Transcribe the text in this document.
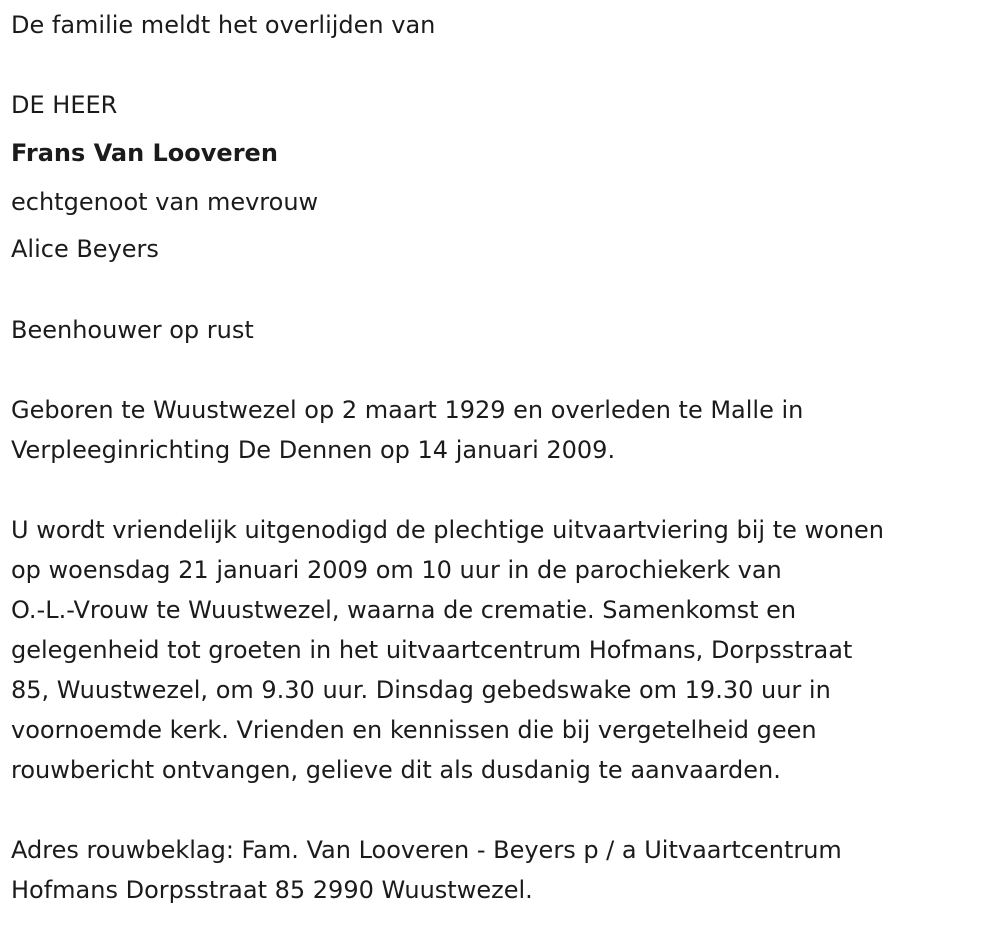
De familie meldt het overlijden van
DE HEER
Frans Van Looveren
echtgenoot van mevrouw
Alice Beyers
Beenhouwer op rust
Geboren te Wuustwezel op 2 maart 1929 en overleden te Malle in
Verpleeginrichting De Dennen op 14 januari 2009.
U wordt vriendelijk uitgenodigd de plechtige uitvaartviering bij te wonen
op woensdag 21 januari 2009 om 10 uur in de parochiekerk van
O.-L.-Vrouw te Wuustwezel, waarna de crematie. Samenkomst en
gelegenheid tot groeten in het uitvaartcentrum Hofmans, Dorpsstraat
85, Wuustwezel, om 9.30 uur. Dinsdag gebedswake om 19.30 uur in
voornoemde kerk. Vrienden en kennissen die bij vergetelheid geen
rouwbericht ontvangen, gelieve dit als dusdanig te aanvaarden.
Adres rouwbeklag: Fam. Van Looveren - Beyers p / a Uitvaartcentrum
Hofmans Dorpsstraat 85 2990 Wuustwezel.
